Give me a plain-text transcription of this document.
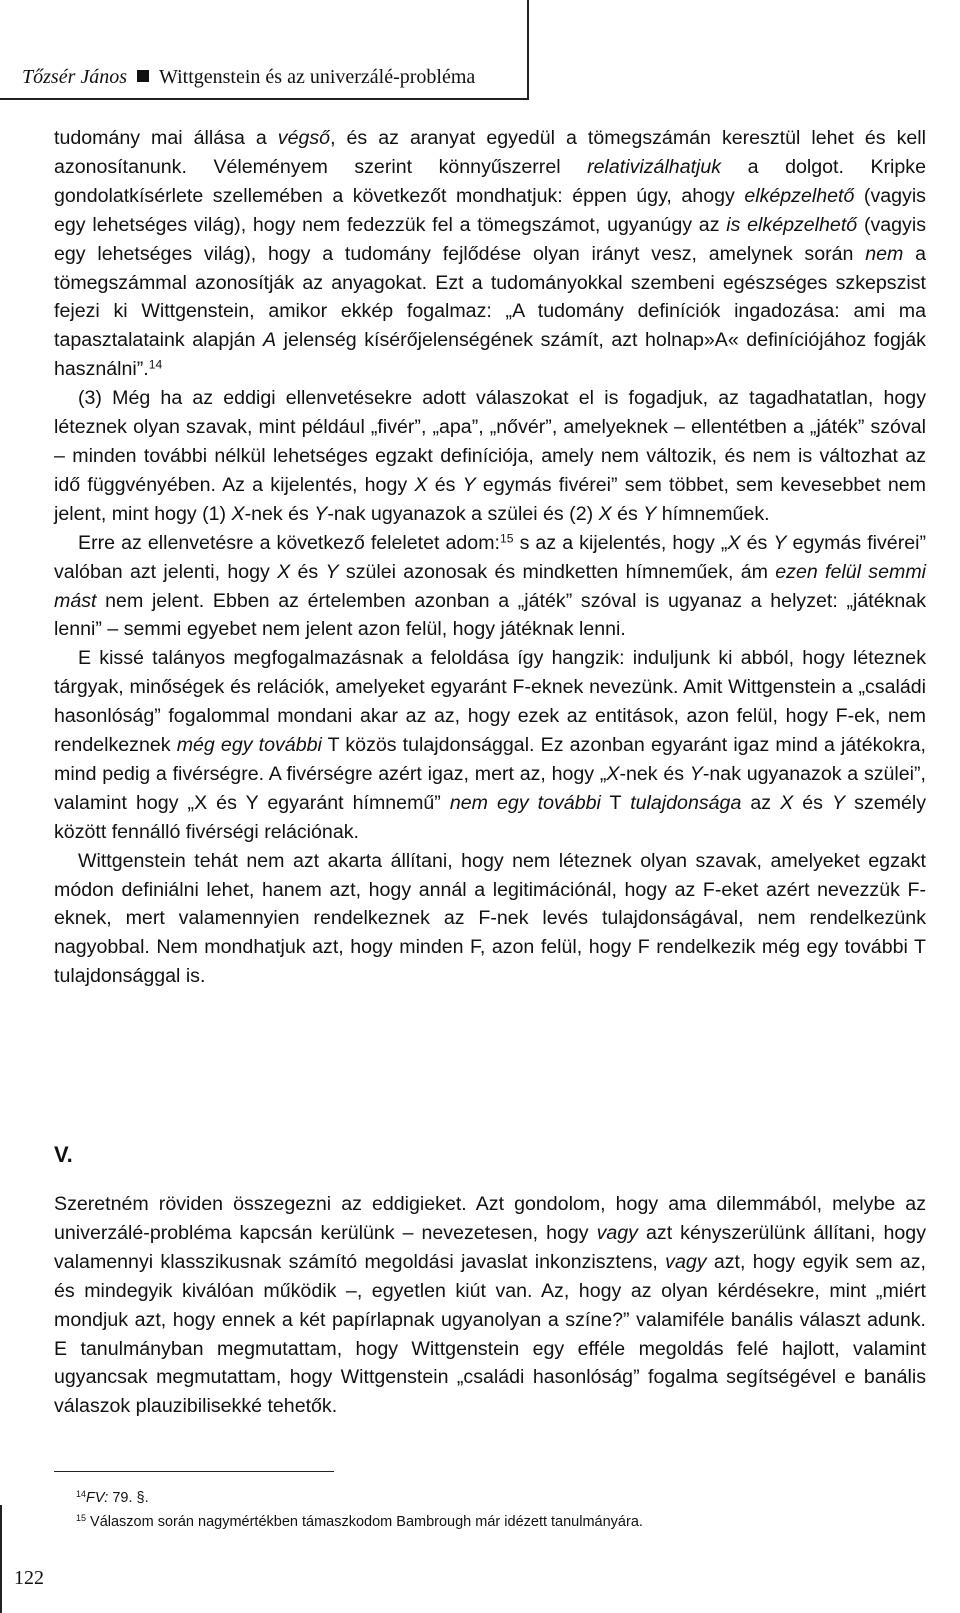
Tőzsér János Wittgenstein és az univerzálé-probléma

tudomány mai állása a végső, és az aranyat egyedül a tömegszámán keresztül lehet és kell azonosítanunk. Véleményem szerint könnyűszerrel relativizálhatjuk a dolgot. Kripke gondolatkísérlete szellemében a következőt mondhatjuk: éppen úgy, ahogy elképzelhető (vagyis egy lehetséges világ), hogy nem fedezzük fel a tömegszámot, ugyanúgy az is elképzelhető (vagyis egy lehetséges világ), hogy a tudomány fejlődése olyan irányt vesz, amelynek során nem a tömegszámmal azonosítják az anyagokat. Ezt a tudományokkal szembeni egészséges szkepszist fejezi ki Wittgenstein, amikor ekkép fogalmaz: „A tudomány definíciók ingadozása: ami ma tapasztalataink alapján A jelenség kísérőjelenségének számít, azt holnap»A« definíciójához fogják használni”.$^{14}$

(3) Még ha az eddigi ellenvetésekre adott válaszokat el is fogadjuk, az tagadhatatlan, hogy léteznek olyan szavak, mint például „fivér”, „apa”, „nővér”, amelyeknek – ellentétben a „játék” szóval – minden további nélkül lehetséges egzakt definíciója, amely nem változik, és nem is változhat az idő függvényében. Az a kijelentés, hogy X és Y egymás fivérei” sem többet, sem kevesebbet nem jelent, mint hogy (1) X-nek és Y-nak ugyanazok a szülei és (2) X és Y hímneműek.

Erre az ellenvetésre a következő feleletet adom:$^{15}$ s az a kijelentés, hogy „X és Y egymás fivérei” valóban azt jelenti, hogy X és Y szülei azonosak és mindketten hímneműek, ám ezen felül semmi mást nem jelent. Ebben az értelemben azonban a „játék” szóval is ugyanaz a helyzet: „játéknak lenni” – semmi egyebet nem jelent azon felül, hogy játéknak lenni.

E kissé talányos megfogalmazásnak a feloldása így hangzik: induljunk ki abból, hogy léteznek tárgyak, minőségek és relációk, amelyeket egyaránt F-eknek nevezünk. Amit Wittgenstein a „családi hasonlóság” fogalommal mondani akar az az, hogy ezek az entitások, azon felül, hogy F-ek, nem rendelkeznek még egy további T közös tulajdonsággal. Ez azonban egyaránt igaz mind a játékokra, mind pedig a fivérségre. A fivérségre azért igaz, mert az, hogy „X-nek és Y-nak ugyanazok a szülei”, valamint hogy „X és Y egyaránt hímnemű” nem egy további T tulajdonsága az X és Y személy között fennálló fivérségi relációnak.

Wittgenstein tehát nem azt akarta állítani, hogy nem léteznek olyan szavak, amelyeket egzakt módon definiálni lehet, hanem azt, hogy annál a legitimációnál, hogy az F-eket azért nevezzük F-eknek, mert valamennyien rendelkeznek az F-nek levés tulajdonságával, nem rendelkezünk nagyobbal. Nem mondhatjuk azt, hogy minden F, azon felül, hogy F rendelkezik még egy további T tulajdonsággal is.

V.

Szeretném röviden összegezni az eddigieket. Azt gondolom, hogy ama dilemmából, melybe az univerzálé-probléma kapcsán kerülünk – nevezetesen, hogy vagy azt kényszerülünk állítani, hogy valamennyi klasszikusnak számító megoldási javaslat inkonzisztens, vagy azt, hogy egyik sem az, és mindegyik kiválóan működik –, egyetlen kiút van. Az, hogy az olyan kérdésekre, mint „miért mondjuk azt, hogy ennek a két papírlapnak ugyanolyan a színe?” valamiféle banális választ adunk. E tanulmányban megmutattam, hogy Wittgenstein egy efféle megoldás felé hajlott, valamint ugyancsak megmutattam, hogy Wittgenstein „családi hasonlóság” fogalma segítségével e banális válaszok plauzibilisekké tehetők.

$^{14}$FV: 79. §.
$^{15}$ Válaszom során nagymértékben támaszkodom Bambrough már idézett tanulmányára.
122
